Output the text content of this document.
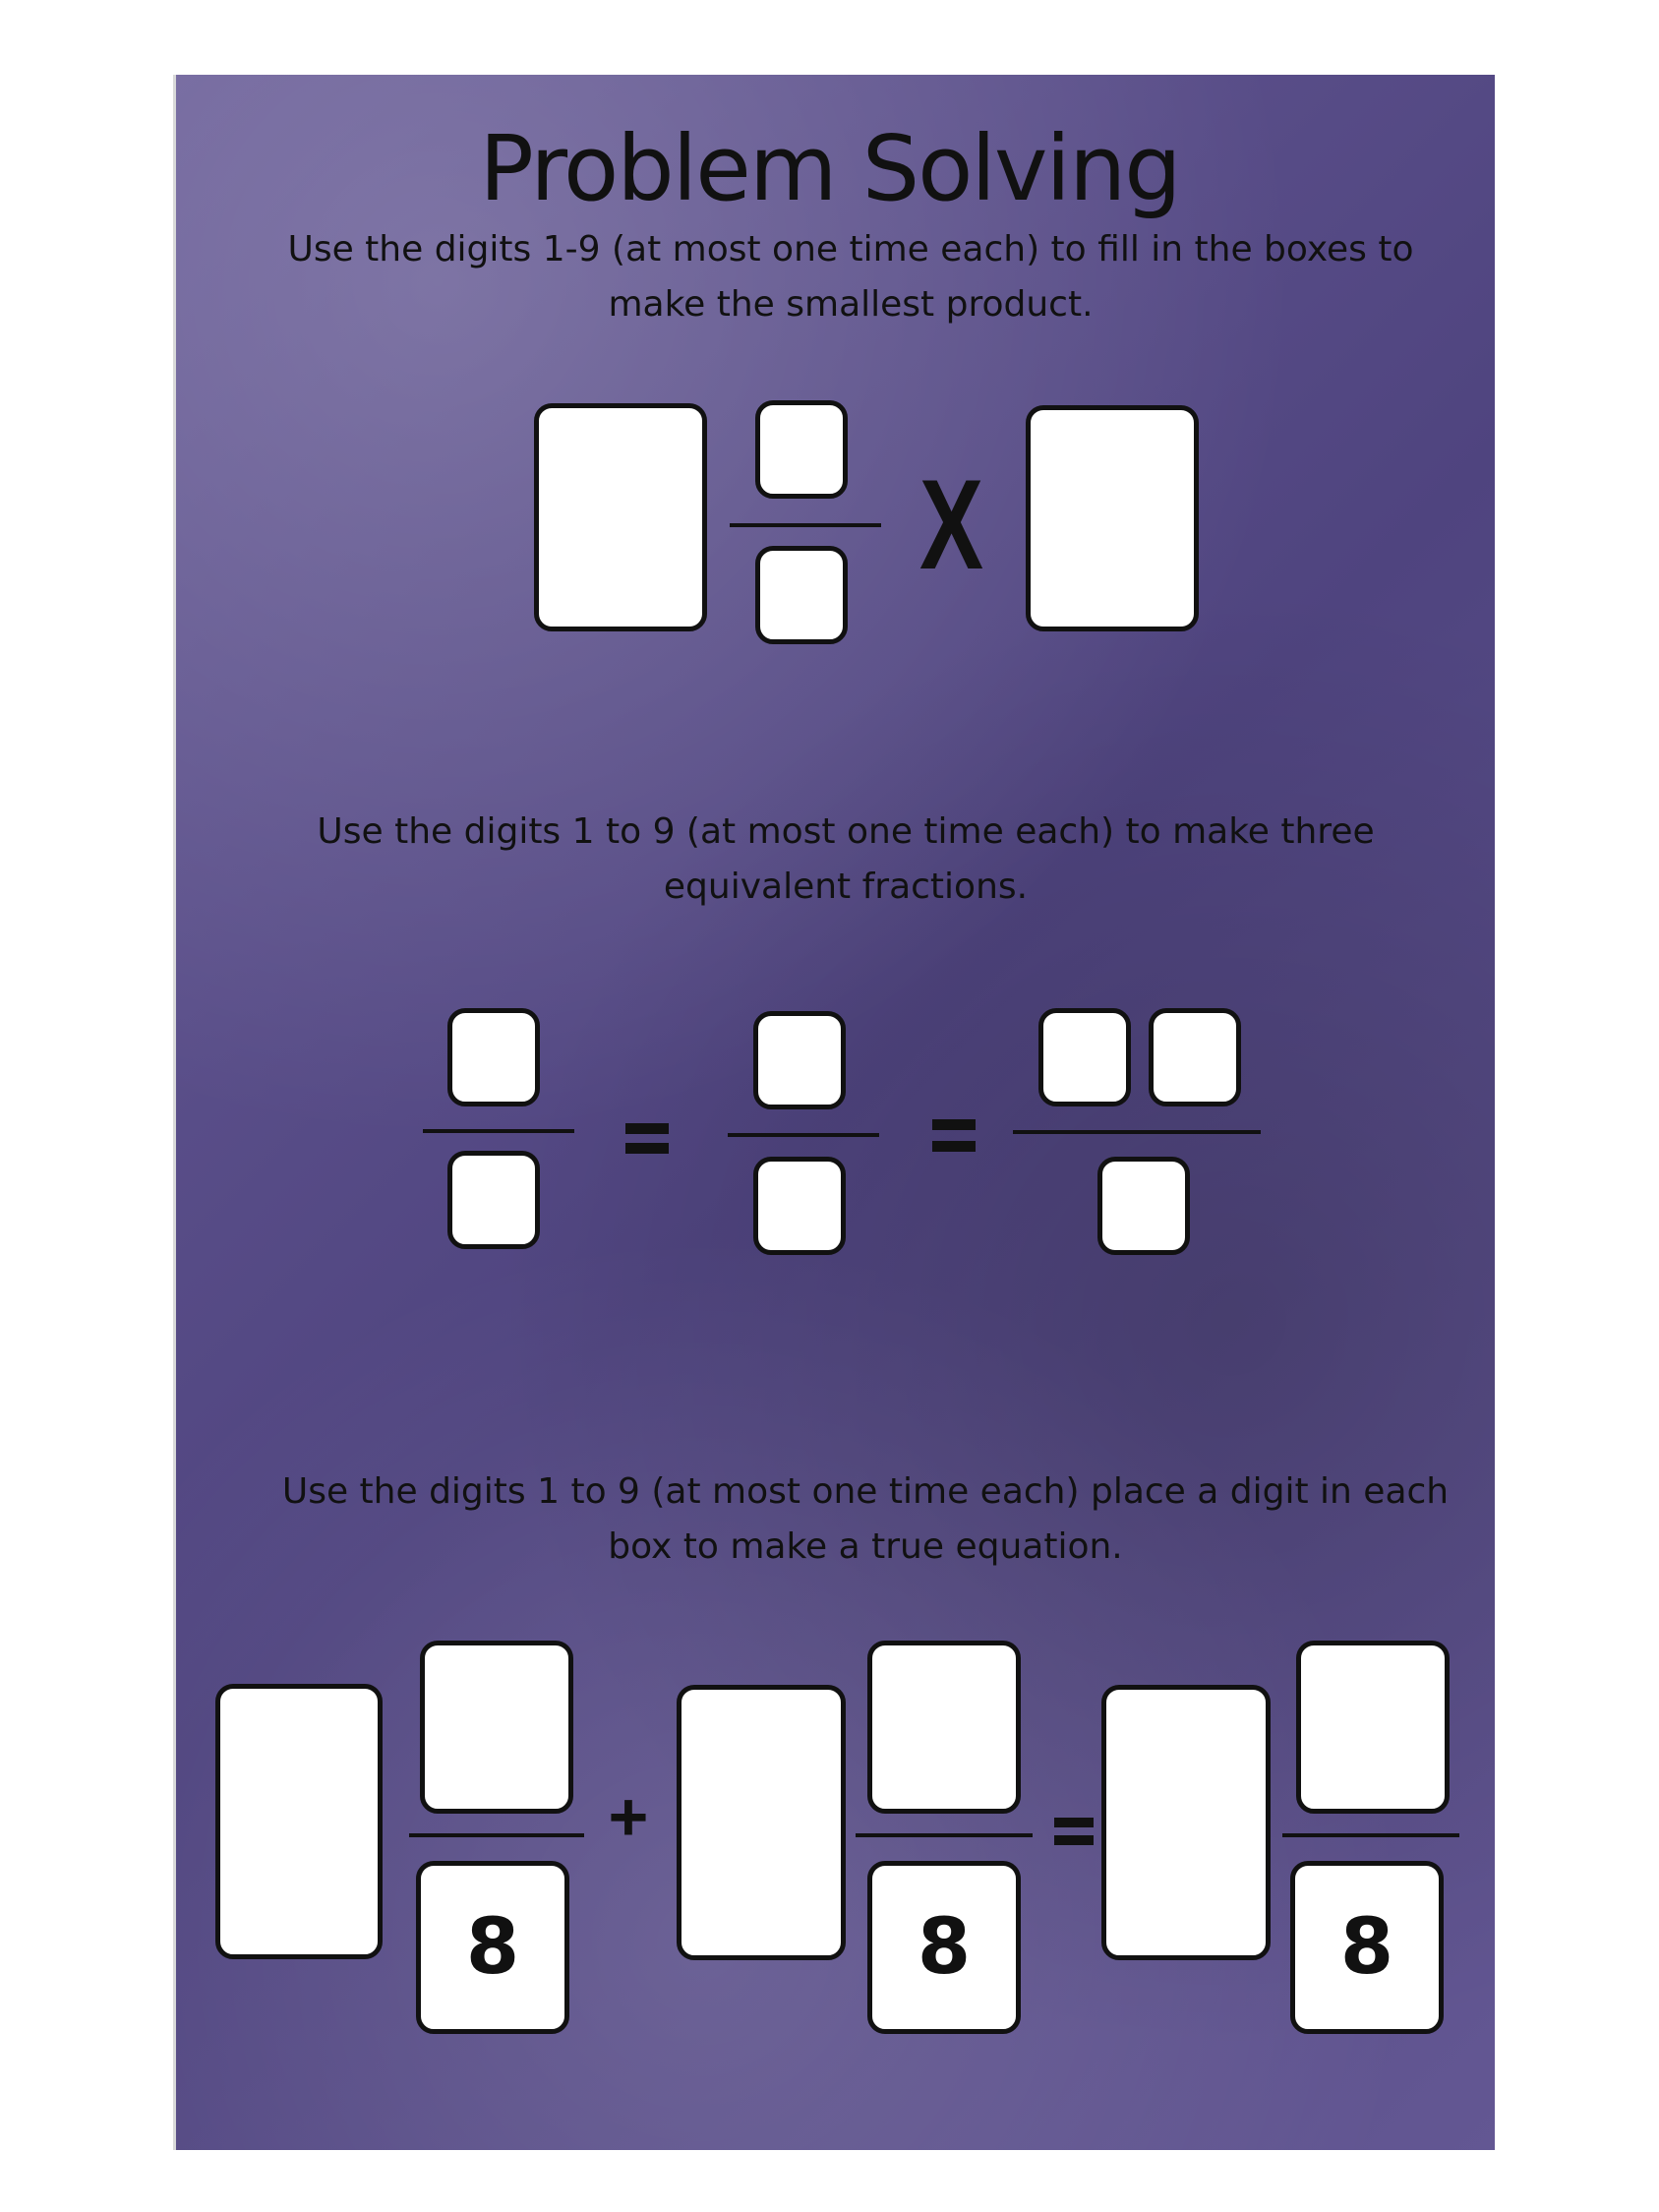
Problem Solving

Use the digits 1-9 (at most one time each) to fill in the boxes to make the smallest product.

X

Use the digits 1 to 9 (at most one time each) to make three equivalent fractions.

Use the digits 1 to 9 (at most one time each) place a digit in each box to make a true equation.

8
+
8	8
